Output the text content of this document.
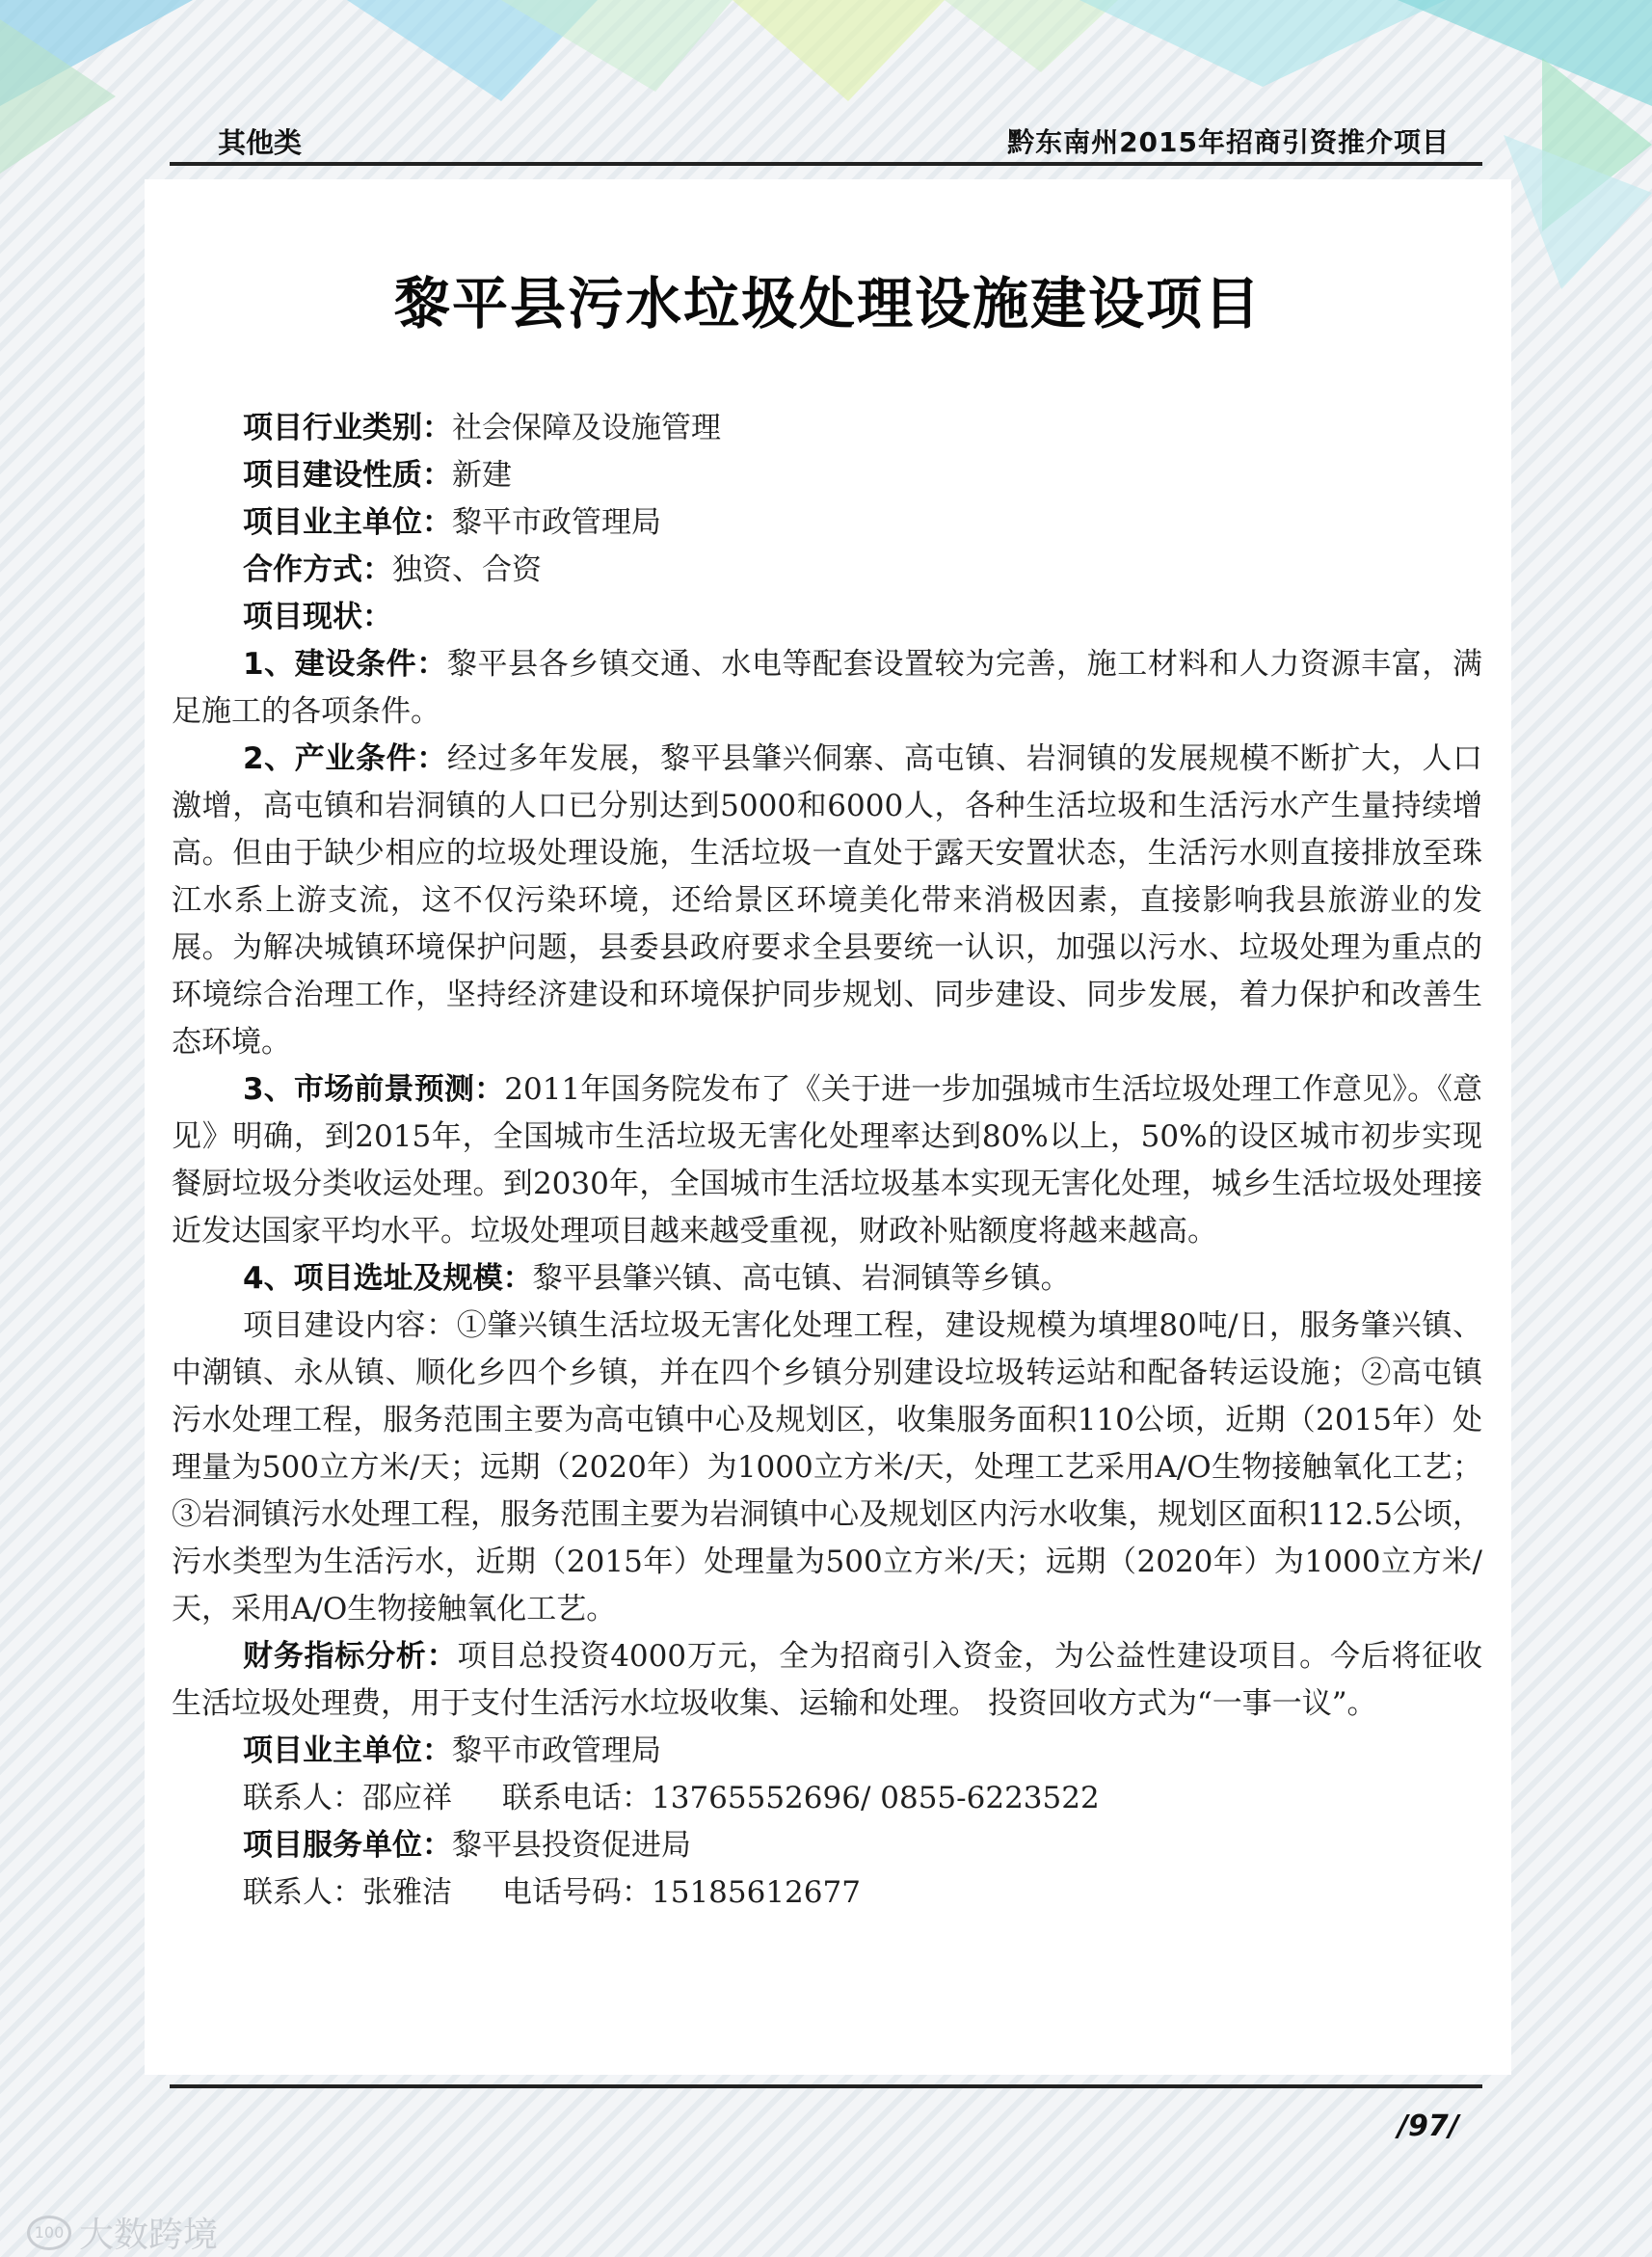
其他类	黔东南州2015年招商引资推介项目
黎平县污水垃圾处理设施建设项目

项目行业类别：社会保障及设施管理

项目建设性质：新建

项目业主单位：黎平市政管理局

合作方式：独资、合资

项目现状：

1、建设条件：黎平县各乡镇交通、水电等配套设置较为完善，施工材料和人力资源丰富，满足施工的各项条件。

2、产业条件：经过多年发展，黎平县肇兴侗寨、高屯镇、岩洞镇的发展规模不断扩大，人口激增，高屯镇和岩洞镇的人口已分别达到5000和6000人，各种生活垃圾和生活污水产生量持续增高。但由于缺少相应的垃圾处理设施，生活垃圾一直处于露天安置状态，生活污水则直接排放至珠江水系上游支流，这不仅污染环境，还给景区环境美化带来消极因素，直接影响我县旅游业的发展。为解决城镇环境保护问题，县委县政府要求全县要统一认识，加强以污水、垃圾处理为重点的环境综合治理工作，坚持经济建设和环境保护同步规划、同步建设、同步发展，着力保护和改善生态环境。

3、市场前景预测：2011年国务院发布了《关于进一步加强城市生活垃圾处理工作意见》。《意见》明确，到2015年，全国城市生活垃圾无害化处理率达到80%以上，50%的设区城市初步实现餐厨垃圾分类收运处理。到2030年，全国城市生活垃圾基本实现无害化处理，城乡生活垃圾处理接近发达国家平均水平。垃圾处理项目越来越受重视，财政补贴额度将越来越高。

4、项目选址及规模：黎平县肇兴镇、高屯镇、岩洞镇等乡镇。

项目建设内容：①肇兴镇生活垃圾无害化处理工程，建设规模为填埋80吨/日，服务肇兴镇、中潮镇、永从镇、顺化乡四个乡镇，并在四个乡镇分别建设垃圾转运站和配备转运设施；②高屯镇污水处理工程，服务范围主要为高屯镇中心及规划区，收集服务面积110公顷，近期（2015年）处理量为500立方米/天；远期（2020年）为1000立方米/天，处理工艺采用A/O生物接触氧化工艺； ③岩洞镇污水处理工程，服务范围主要为岩洞镇中心及规划区内污水收集，规划区面积112.5公顷，污水类型为生活污水，近期（2015年）处理量为500立方米/天；远期（2020年）为1000立方米/天，采用A/O生物接触氧化工艺。

财务指标分析：项目总投资4000万元，全为招商引入资金，为公益性建设项目。今后将征收生活垃圾处理费，用于支付生活污水垃圾收集、运输和处理。 投资回收方式为“一事一议”。

项目业主单位：黎平市政管理局

联系人：邵应祥 联系电话：13765552696/ 0855-6223522

项目服务单位：黎平县投资促进局

联系人：张雅洁 电话号码：15185612677

/97/
100 大数跨境
